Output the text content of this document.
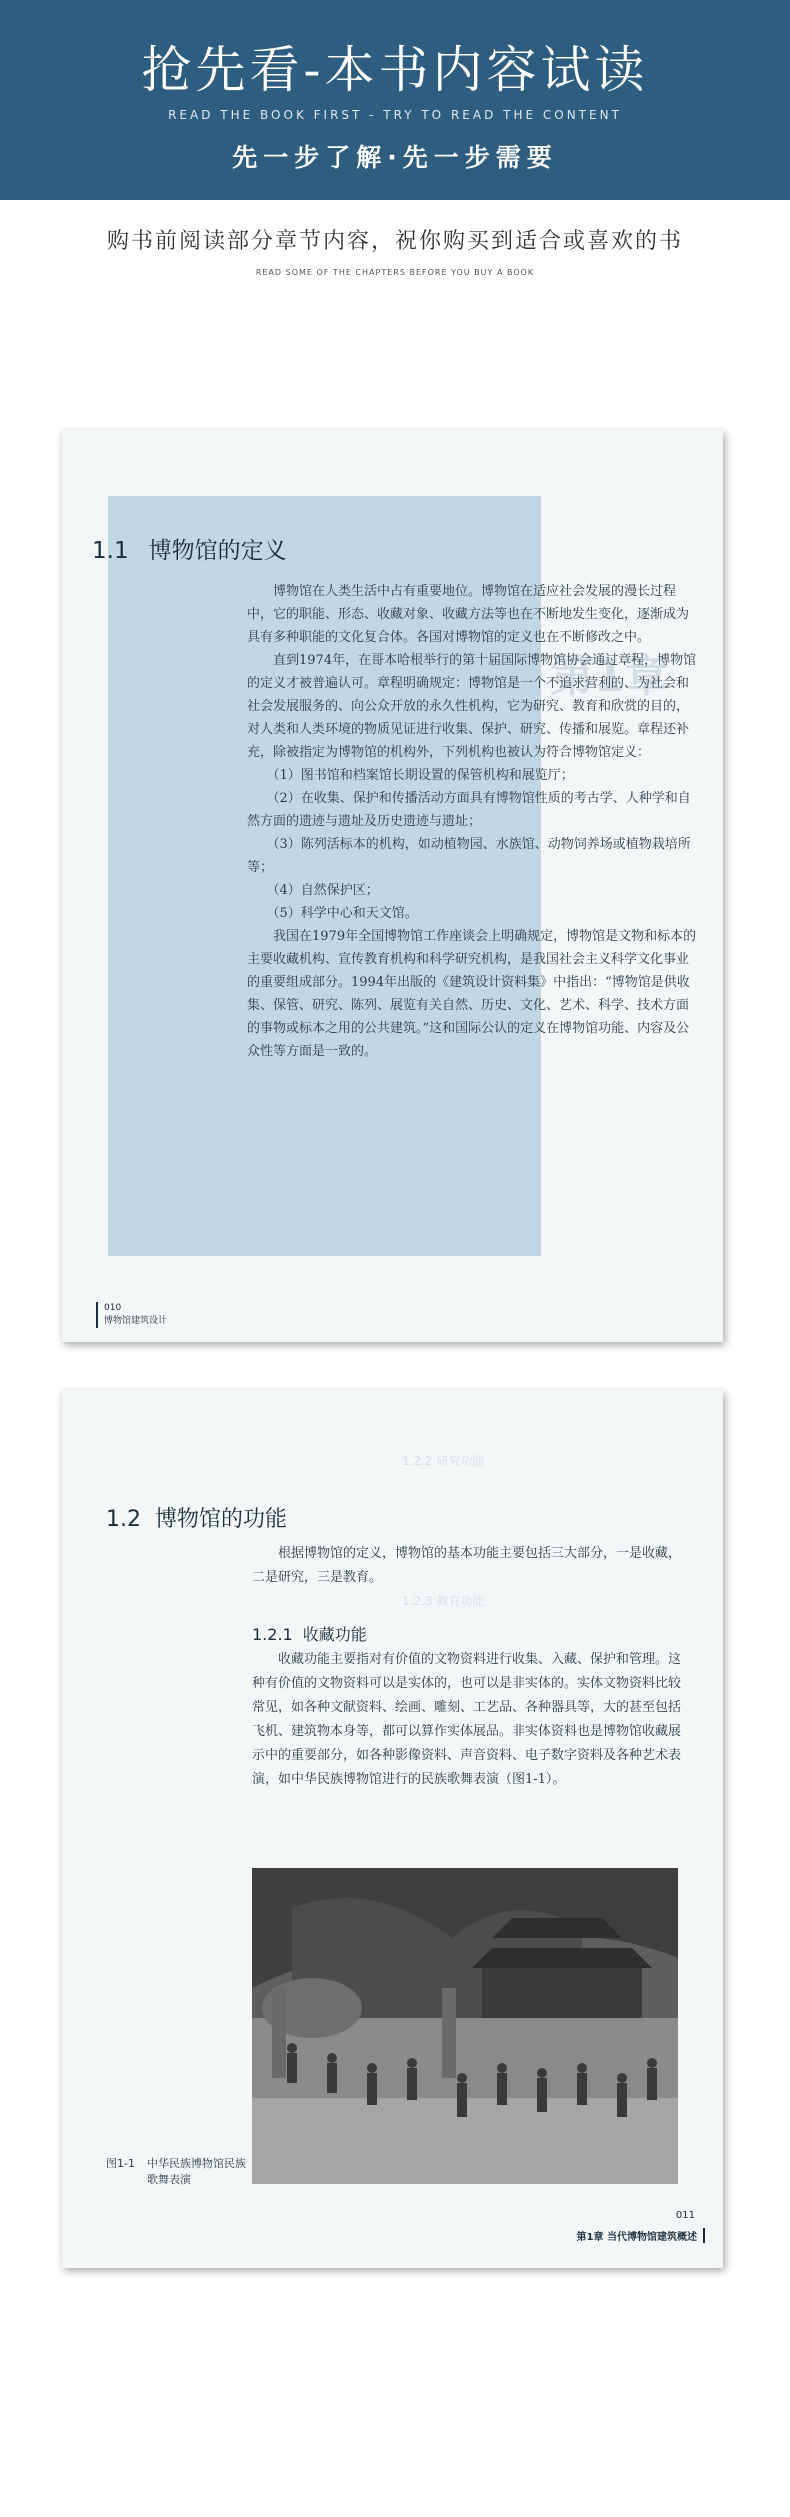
抢先看-本书内容试读
READ THE BOOK FIRST - TRY TO READ THE CONTENT
先一步了解·先一步需要
购书前阅读部分章节内容，祝你购买到适合或喜欢的书
READ SOME OF THE CHAPTERS BEFORE YOU BUY A BOOK
第1章
1.1 博物馆的定义

博物馆在人类生活中占有重要地位。博物馆在适应社会发展的漫长过程中，它的职能、形态、收藏对象、收藏方法等也在不断地发生变化，逐渐成为具有多种职能的文化复合体。各国对博物馆的定义也在不断修改之中。

直到1974年，在哥本哈根举行的第十届国际博物馆协会通过章程，博物馆的定义才被普遍认可。章程明确规定：博物馆是一个不追求营利的、为社会和社会发展服务的、向公众开放的永久性机构，它为研究、教育和欣赏的目的，对人类和人类环境的物质见证进行收集、保护、研究、传播和展览。章程还补充，除被指定为博物馆的机构外，下列机构也被认为符合博物馆定义：

（1）图书馆和档案馆长期设置的保管机构和展览厅；

（2）在收集、保护和传播活动方面具有博物馆性质的考古学、人种学和自然方面的遗迹与遗址及历史遗迹与遗址；

（3）陈列活标本的机构，如动植物园、水族馆、动物饲养场或植物栽培所等；

（4）自然保护区；

（5）科学中心和天文馆。

我国在1979年全国博物馆工作座谈会上明确规定，博物馆是文物和标本的主要收藏机构、宣传教育机构和科学研究机构，是我国社会主义科学文化事业的重要组成部分。1994年出版的《建筑设计资料集》中指出：“博物馆是供收集、保管、研究、陈列、展览有关自然、历史、文化、艺术、科学、技术方面的事物或标本之用的公共建筑。”这和国际公认的定义在博物馆功能、内容及公众性等方面是一致的。

010
博物馆建筑设计
1.2.2 研究功能
1.2.3 教育功能
1.2 博物馆的功能

根据博物馆的定义，博物馆的基本功能主要包括三大部分，一是收藏，二是研究，三是教育。

1.2.1 收藏功能

收藏功能主要指对有价值的文物资料进行收集、入藏、保护和管理。这种有价值的文物资料可以是实体的，也可以是非实体的。实体文物资料比较常见，如各种文献资料、绘画、雕刻、工艺品、各种器具等，大的甚至包括飞机、建筑物本身等，都可以算作实体展品。非实体资料也是博物馆收藏展示中的重要部分，如各种影像资料、声音资料、电子数字资料及各种艺术表演，如中华民族博物馆进行的民族歌舞表演（图1-1）。

图1-1 中华民族博物馆民族歌舞表演
011
第1章 当代博物馆建筑概述
